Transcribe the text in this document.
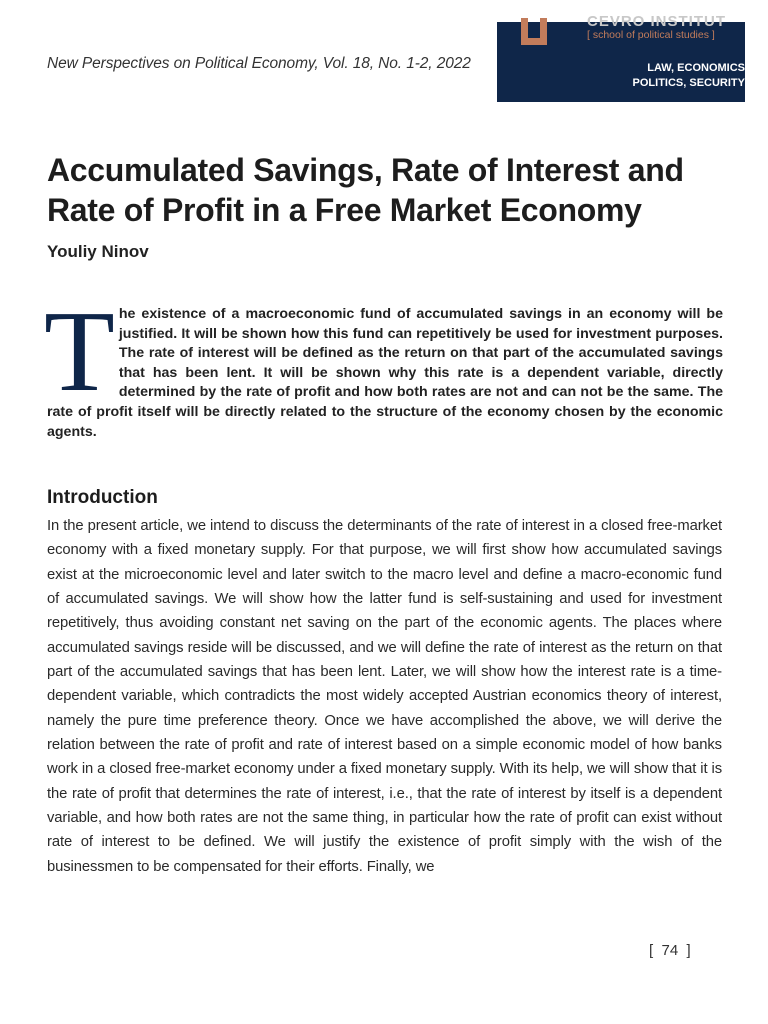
New Perspectives on Political Economy, Vol. 18, No. 1-2, 2022
CEVRO INSTITUT
[ school of political studies ]
LAW, ECONOMICS
POLITICS, SECURITY
Accumulated Savings, Rate of Interest and Rate of Profit in a Free Market Economy
Youliy Ninov

The existence of a macroeconomic fund of accumulated savings in an economy will be justified. It will be shown how this fund can repetitively be used for investment purposes. The rate of interest will be defined as the return on that part of the accumulated savings that has been lent. It will be shown why this rate is a dependent variable, directly determined by the rate of profit and how both rates are not and can not be the same. The rate of profit itself will be directly related to the structure of the economy chosen by the economic agents.

Introduction

In the present article, we intend to discuss the determinants of the rate of interest in a closed free-market economy with a fixed monetary supply. For that purpose, we will first show how accumulated savings exist at the microeconomic level and later switch to the macro level and define a macro-economic fund of accumulated savings. We will show how the latter fund is self-sustaining and used for investment repetitively, thus avoiding constant net saving on the part of the economic agents. The places where accumulated savings reside will be discussed, and we will define the rate of interest as the return on that part of the accumulated savings that has been lent. Later, we will show how the interest rate is a time-dependent variable, which contradicts the most widely accepted Austrian economics theory of interest, namely the pure time preference theory. Once we have accomplished the above, we will derive the relation between the rate of profit and rate of interest based on a simple economic model of how banks work in a closed free-market economy under a fixed monetary supply. With its help, we will show that it is the rate of profit that determines the rate of interest, i.e., that the rate of interest by itself is a dependent variable, and how both rates are not the same thing, in particular how the rate of profit can exist without rate of interest to be defined. We will justify the existence of profit simply with the wish of the businessmen to be compensated for their efforts. Finally, we

[  74  ]
